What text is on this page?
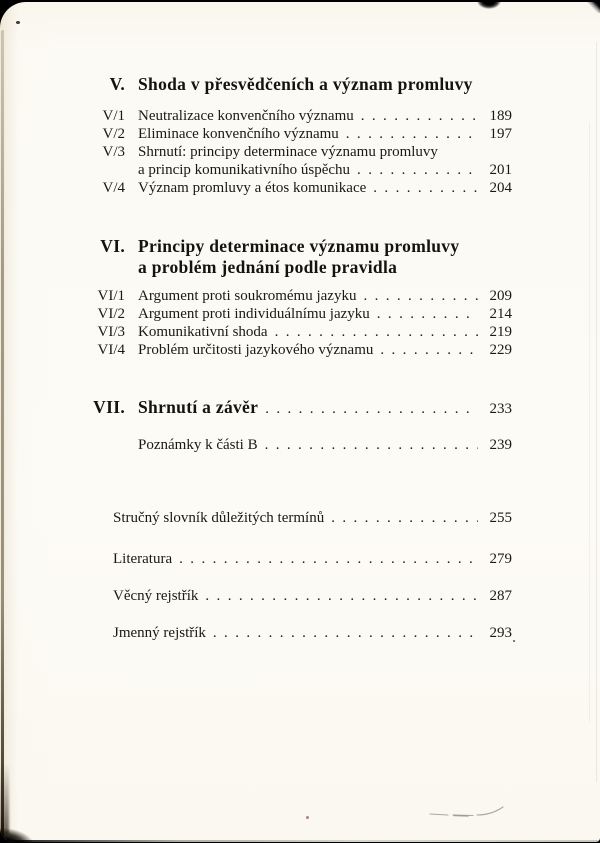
V. Shoda v přesvědčeních a význam promluvy
V/1 Neutralizace konvenčního významu .....	189
V/2 Eliminace konvenčního významu .....	197
V/3 Shrnutí: principy determinace významu promluvy
a princip komunikativního úspěchu .....	201
V/4 Význam promluvy a étos komunikace .....	204
VI. Principy determinace významu promluvy
a problém jednání podle pravidla
VI/1 Argument proti soukromému jazyku .....	209
VI/2 Argument proti individuálnímu jazyku .....	214
VI/3 Komunikativní shoda .....	219
VI/4 Problém určitosti jazykového významu .....	229
VII. Shrnutí a závěr .....	233
Poznámky k části B .....	239
Stručný slovník důležitých termínů .....	255
Literatura .....	279
Věcný rejstřík .....	287
Jmenný rejstřík .....	293
